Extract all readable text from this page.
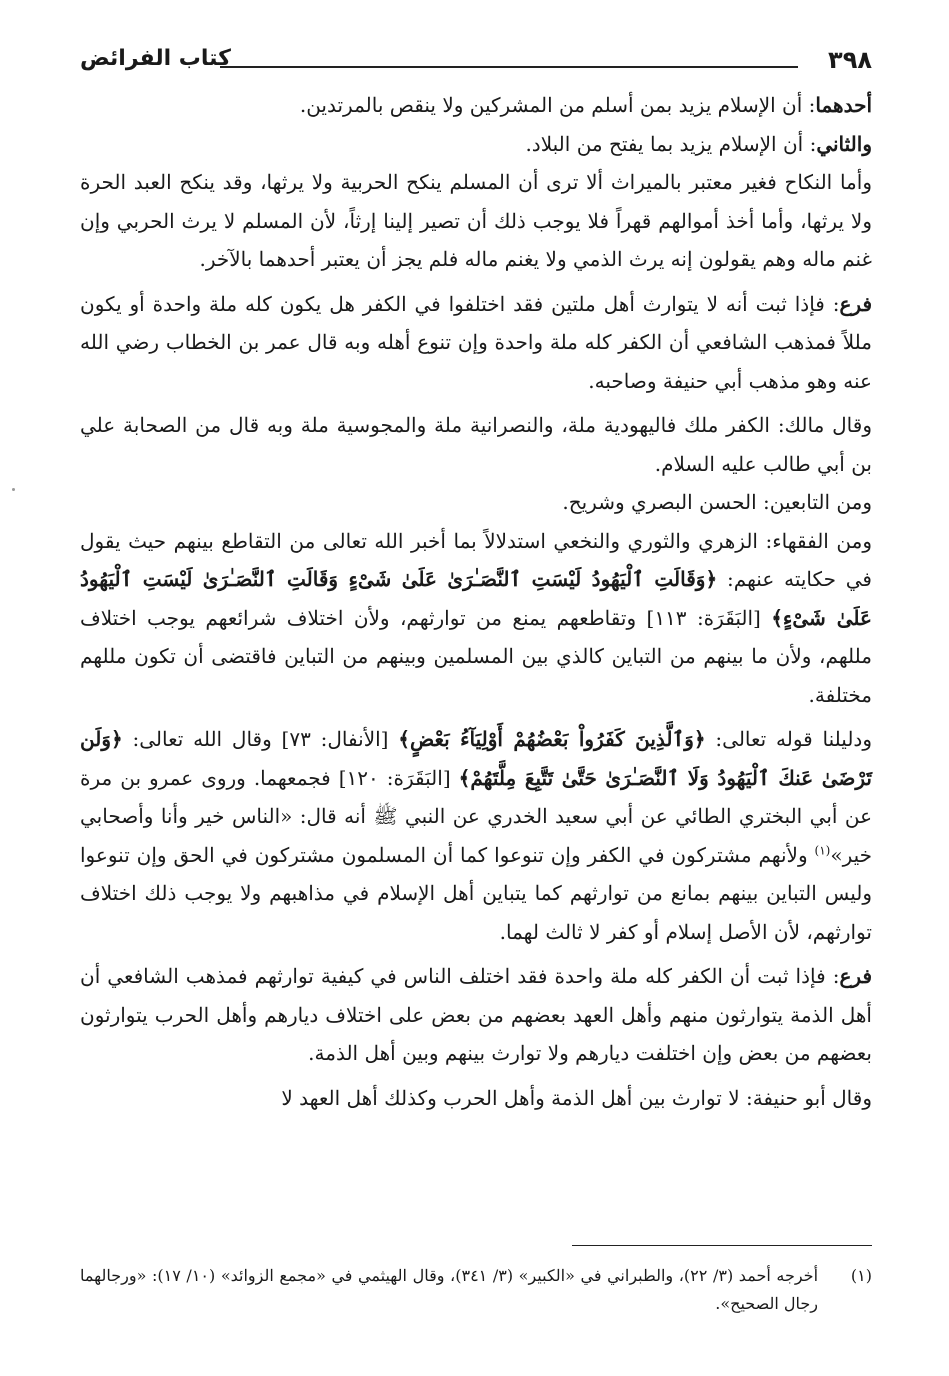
٣٩٨
كتاب الفرائض

أحدهما: أن الإسلام يزيد بمن أسلم من المشركين ولا ينقص بالمرتدين.

والثاني: أن الإسلام يزيد بما يفتح من البلاد.

وأما النكاح فغير معتبر بالميراث ألا ترى أن المسلم ينكح الحربية ولا يرثها، وقد ينكح العبد الحرة ولا يرثها، وأما أخذ أموالهم قهراً فلا يوجب ذلك أن تصير إلينا إرثاً، لأن المسلم لا يرث الحربي وإن غنم ماله وهم يقولون إنه يرث الذمي ولا يغنم ماله فلم يجز أن يعتبر أحدهما بالآخر.

فرع: فإذا ثبت أنه لا يتوارث أهل ملتين فقد اختلفوا في الكفر هل يكون كله ملة واحدة أو يكون مللاً فمذهب الشافعي أن الكفر كله ملة واحدة وإن تنوع أهله وبه قال عمر بن الخطاب رضي الله عنه وهو مذهب أبي حنيفة وصاحبه.

وقال مالك: الكفر ملك فاليهودية ملة، والنصرانية ملة والمجوسية ملة وبه قال من الصحابة علي بن أبي طالب عليه السلام.

ومن التابعين: الحسن البصري وشريح.

ومن الفقهاء: الزهري والثوري والنخعي استدلالاً بما أخبر الله تعالى من التقاطع بينهم حيث يقول في حكايته عنهم: ﴿وَقَالَتِ ٱلْيَهُودُ لَيْسَتِ ٱلنَّصَـٰرَىٰ عَلَىٰ شَىْءٍ وَقَالَتِ ٱلنَّصَـٰرَىٰ لَيْسَتِ ٱلْيَهُودُ عَلَىٰ شَىْءٍ﴾ [البَقَرَة: ١١٣] وتقاطعهم يمنع من توارثهم، ولأن اختلاف شرائعهم يوجب اختلاف مللهم، ولأن ما بينهم من التباين كالذي بين المسلمين وبينهم من التباين فاقتضى أن تكون مللهم مختلفة.

ودليلنا قوله تعالى: ﴿وَٱلَّذِينَ كَفَرُواْ بَعْضُهُمْ أَوْلِيَآءُ بَعْضٍ﴾ [الأنفال: ٧٣] وقال الله تعالى: ﴿وَلَن تَرْضَىٰ عَنكَ ٱلْيَهُودُ وَلَا ٱلنَّصَـٰرَىٰ حَتَّىٰ تَتَّبِعَ مِلَّتَهُمْ﴾ [البَقَرَة: ١٢٠] فجمعهما. وروى عمرو بن مرة عن أبي البختري الطائي عن أبي سعيد الخدري عن النبي ﷺ أنه قال: «الناس خير وأنا وأصحابي خير»$^{(١)}$ ولأنهم مشتركون في الكفر وإن تنوعوا كما أن المسلمون مشتركون في الحق وإن تنوعوا وليس التباين بينهم بمانع من توارثهم كما يتباين أهل الإسلام في مذاهبهم ولا يوجب ذلك اختلاف توارثهم، لأن الأصل إسلام أو كفر لا ثالث لهما.

فرع: فإذا ثبت أن الكفر كله ملة واحدة فقد اختلف الناس في كيفية توارثهم فمذهب الشافعي أن أهل الذمة يتوارثون منهم وأهل العهد بعضهم من بعض على اختلاف ديارهم وأهل الحرب يتوارثون بعضهم من بعض وإن اختلفت ديارهم ولا توارث بينهم وبين أهل الذمة.

وقال أبو حنيفة: لا توارث بين أهل الذمة وأهل الحرب وكذلك أهل العهد لا

(١)
أخرجه أحمد (٣/ ٢٢)، والطبراني في «الكبير» (٣/ ٣٤١)، وقال الهيثمي في «مجمع الزوائد» (١٠/ ١٧): «ورجالهما رجال الصحيح».
